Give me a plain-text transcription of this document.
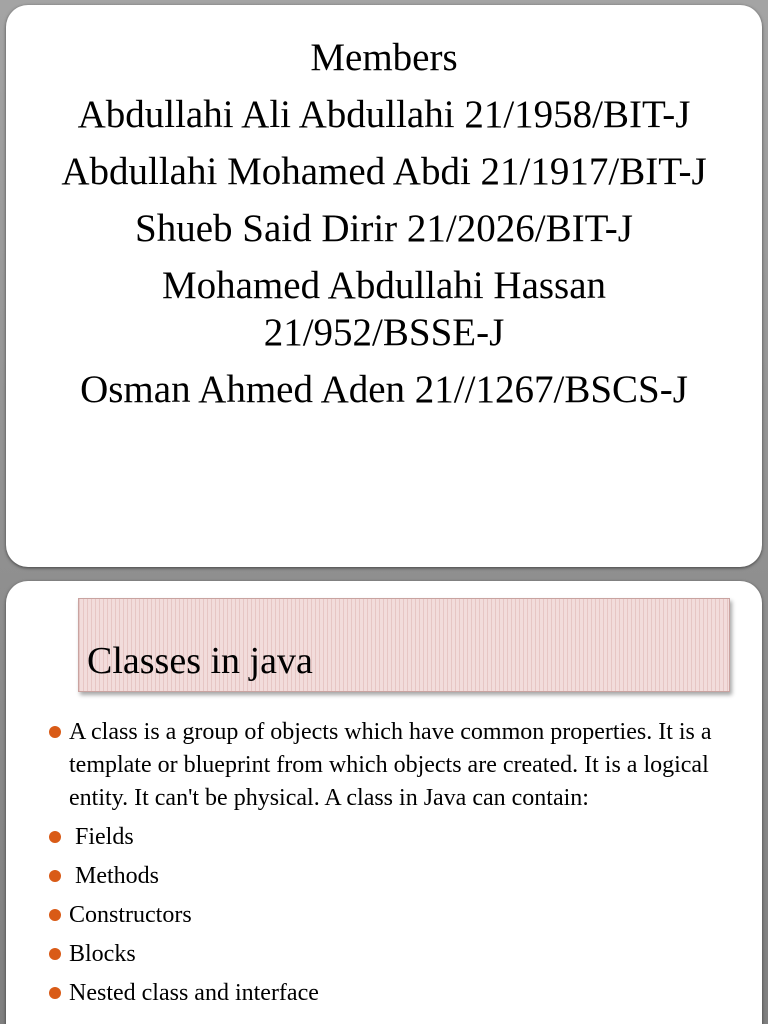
Members
Abdullahi Ali Abdullahi 21/1958/BIT-J
Abdullahi Mohamed Abdi 21/1917/BIT-J
Shueb Said Dirir 21/2026/BIT-J
Mohamed Abdullahi Hassan
21/952/BSSE-J
Osman Ahmed Aden 21//1267/BSCS-J
Classes in java
A class is a group of objects which have common properties. It is a template or blueprint from which objects are created. It is a logical entity. It can't be physical. A class in Java can contain:
Fields
Methods
Constructors
Blocks
Nested class and interface
